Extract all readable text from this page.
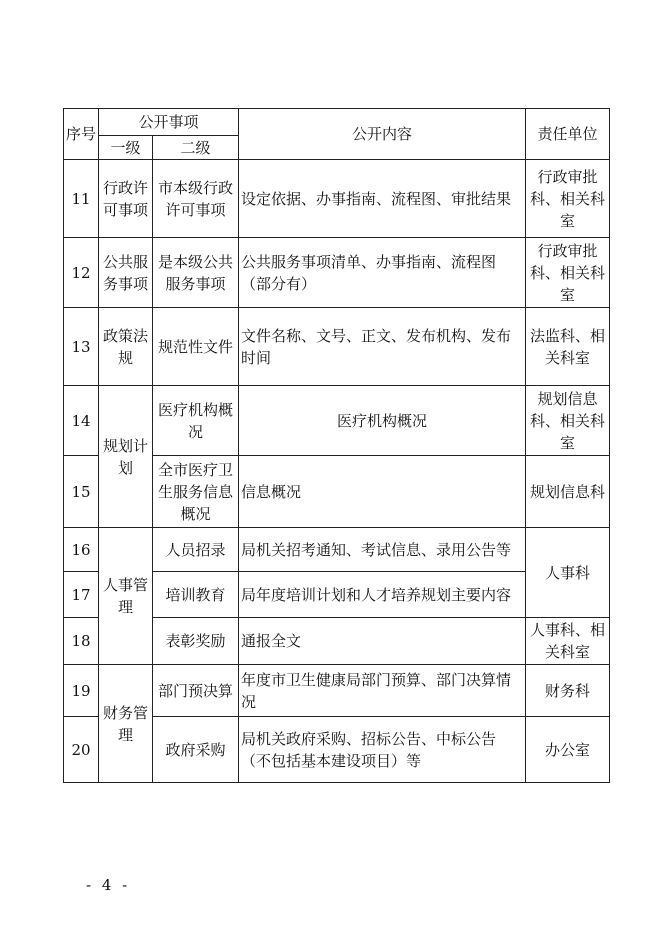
序号	公开事项		公开内容	责任单位
	一级	二级		
11	行政许可事项	市本级行政许可事项	设定依据、办事指南、流程图、审批结果	行政审批科、相关科室
12	公共服务事项	是本级公共服务事项	公共服务事项清单、办事指南、流程图（部分有）	行政审批科、相关科室
13	政策法规	规范性文件	文件名称、文号、正文、发布机构、发布时间	法监科、相关科室
14	规划计划	医疗机构概况	医疗机构概况	规划信息科、相关科室
15		全市医疗卫生服务信息概况	信息概况	规划信息科
16	人事管理	人员招录	局机关招考通知、考试信息、录用公告等	人事科
17		培训教育	局年度培训计划和人才培养规划主要内容	
18		表彰奖励	通报全文	人事科、相关科室
19	财务管理	部门预决算	年度市卫生健康局部门预算、部门决算情况	财务科
20		政府采购	局机关政府采购、招标公告、中标公告（不包括基本建设项目）等	办公室
- 4 -
